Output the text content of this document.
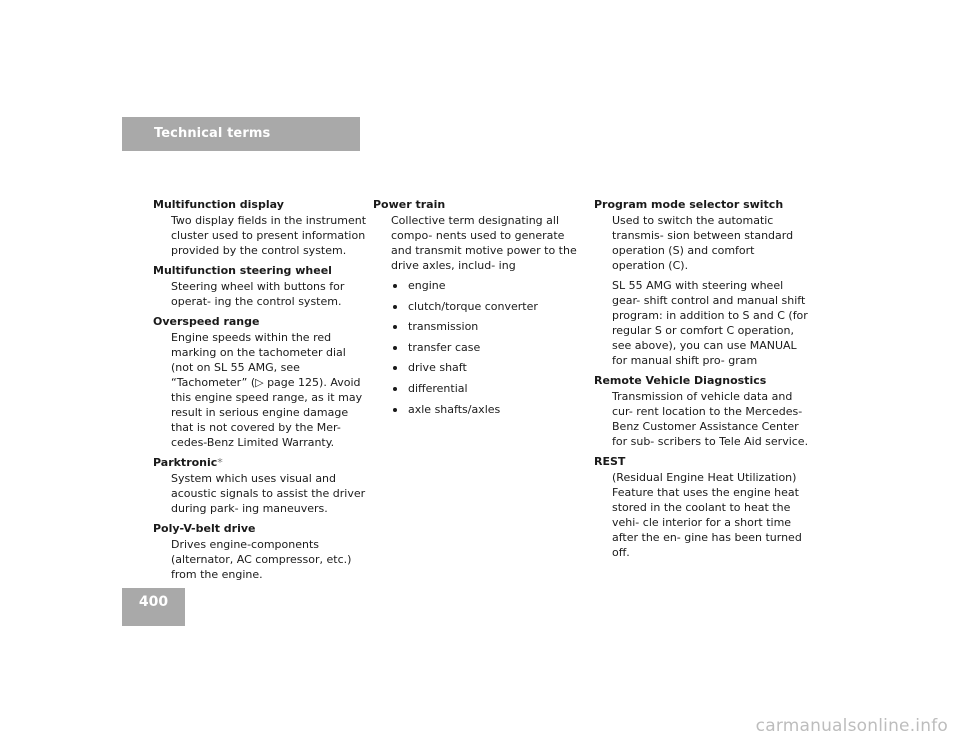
Technical terms
Multifunction display

Two display fields in the instrument cluster used to present information provided by the control system.

Multifunction steering wheel

Steering wheel with buttons for operat- ing the control system.

Overspeed range

Engine speeds within the red marking on the tachometer dial (not on SL 55 AMG, see “Tachometer” (▷ page 125). Avoid this engine speed range, as it may result in serious engine damage that is not covered by the Mer- cedes-Benz Limited Warranty.

Parktronic*

System which uses visual and acoustic signals to assist the driver during park- ing maneuvers.

Poly-V-belt drive

Drives engine-components (alternator, AC compressor, etc.) from the engine.

Power train

Collective term designating all compo- nents used to generate and transmit motive power to the drive axles, includ- ing

engine
clutch/torque converter
transmission
transfer case
drive shaft
differential
axle shafts/axles
Program mode selector switch

Used to switch the automatic transmis- sion between standard operation (S) and comfort operation (C).

SL 55 AMG with steering wheel gear- shift control and manual shift program: in addition to S and C (for regular S or comfort C operation, see above), you can use MANUAL for manual shift pro- gram

Remote Vehicle Diagnostics

Transmission of vehicle data and cur- rent location to the Mercedes-Benz Customer Assistance Center for sub- scribers to Tele Aid service.

REST

(Residual Engine Heat Utilization) Feature that uses the engine heat stored in the coolant to heat the vehi- cle interior for a short time after the en- gine has been turned off.

400
carmanualsonline.info
